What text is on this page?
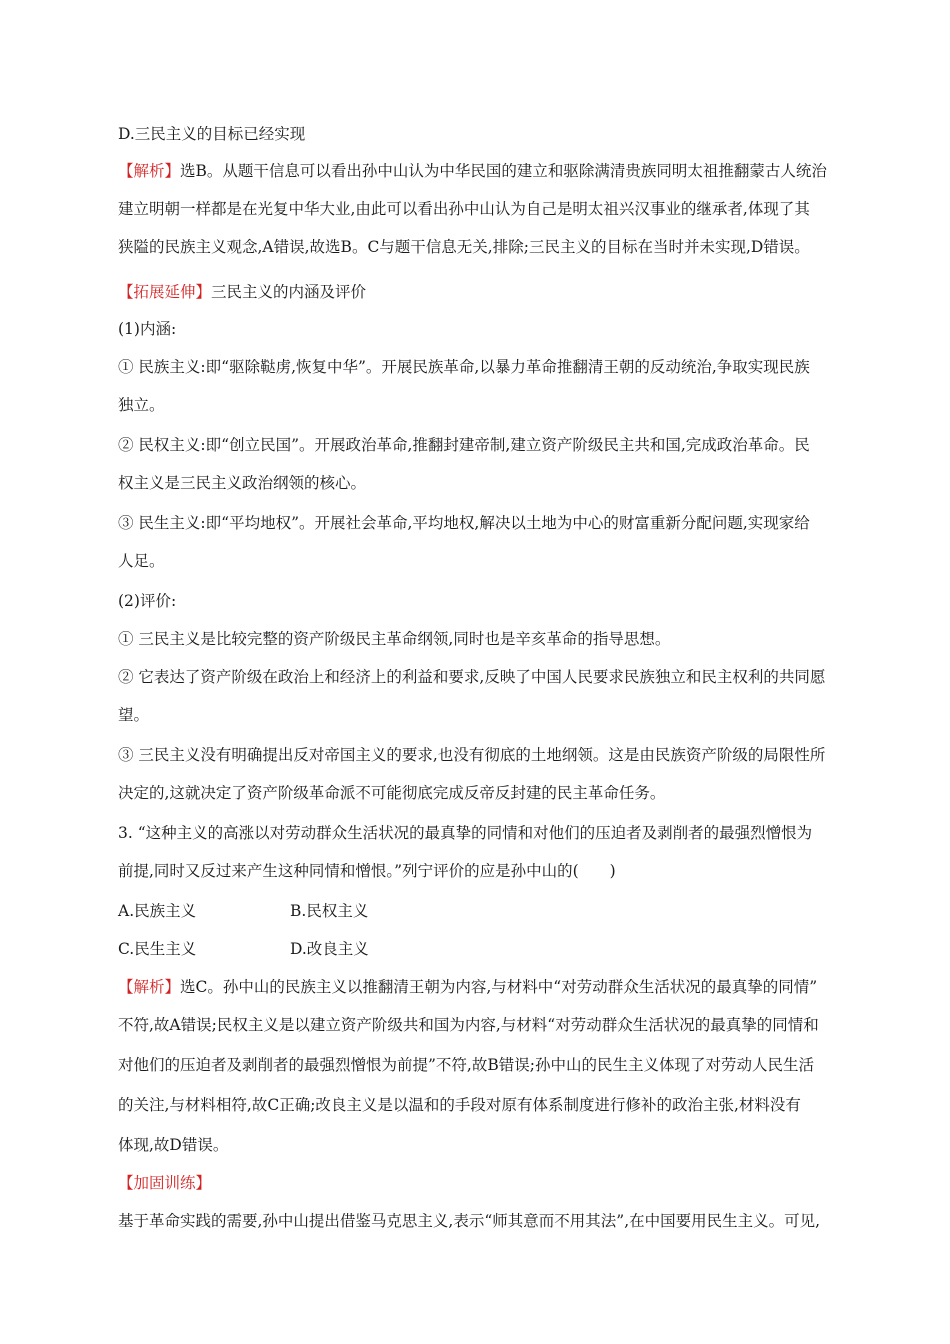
D.三民主义的目标已经实现
【解析】选B。从题干信息可以看出孙中山认为中华民国的建立和驱除满清贵族同明太祖推翻蒙古人统治
建立明朝一样都是在光复中华大业,由此可以看出孙中山认为自己是明太祖兴汉事业的继承者,体现了其
狭隘的民族主义观念,A错误,故选B。C与题干信息无关,排除;三民主义的目标在当时并未实现,D错误。
【拓展延伸】三民主义的内涵及评价
(1)内涵:
① 民族主义:即“驱除鞑虏,恢复中华”。开展民族革命,以暴力革命推翻清王朝的反动统治,争取实现民族
独立。
② 民权主义:即“创立民国”。开展政治革命,推翻封建帝制,建立资产阶级民主共和国,完成政治革命。民
权主义是三民主义政治纲领的核心。
③ 民生主义:即“平均地权”。开展社会革命,平均地权,解决以土地为中心的财富重新分配问题,实现家给
人足。
(2)评价:
① 三民主义是比较完整的资产阶级民主革命纲领,同时也是辛亥革命的指导思想。
② 它表达了资产阶级在政治上和经济上的利益和要求,反映了中国人民要求民族独立和民主权利的共同愿
望。
③ 三民主义没有明确提出反对帝国主义的要求,也没有彻底的土地纲领。这是由民族资产阶级的局限性所
决定的,这就决定了资产阶级革命派不可能彻底完成反帝反封建的民主革命任务。
3. “这种主义的高涨以对劳动群众生活状况的最真挚的同情和对他们的压迫者及剥削者的最强烈憎恨为
前提,同时又反过来产生这种同情和憎恨。”列宁评价的应是孙中山的(　　)
A.民族主义	B.民权主义
C.民生主义	D.改良主义
【解析】选C。孙中山的民族主义以推翻清王朝为内容,与材料中“对劳动群众生活状况的最真挚的同情”
不符,故A错误;民权主义是以建立资产阶级共和国为内容,与材料“对劳动群众生活状况的最真挚的同情和
对他们的压迫者及剥削者的最强烈憎恨为前提”不符,故B错误;孙中山的民生主义体现了对劳动人民生活
的关注,与材料相符,故C正确;改良主义是以温和的手段对原有体系制度进行修补的政治主张,材料没有
体现,故D错误。
【加固训练】
基于革命实践的需要,孙中山提出借鉴马克思主义,表示“师其意而不用其法”,在中国要用民生主义。可见,
